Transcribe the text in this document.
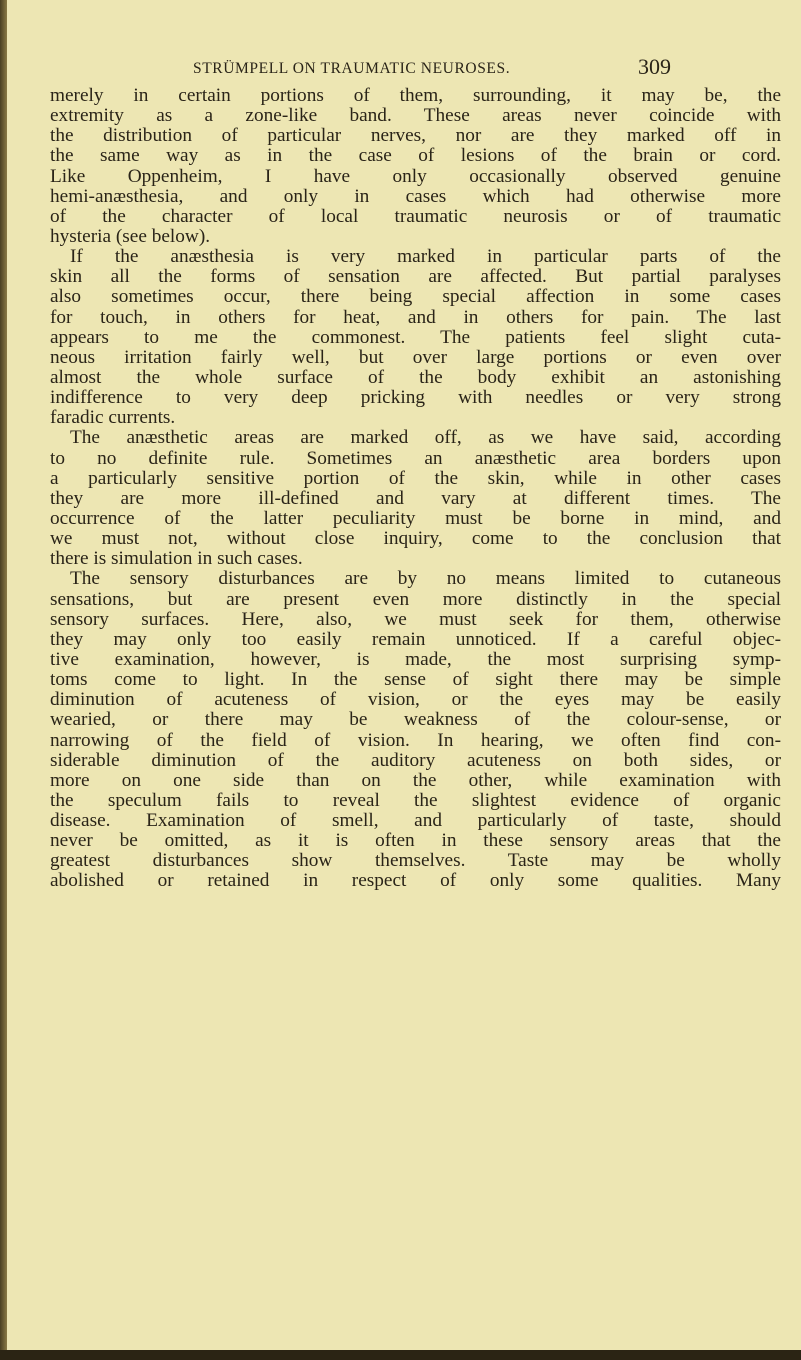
STRÜMPELL ON TRAUMATIC NEUROSES.	309
merely in certain portions of them, surrounding, it may be, the
extremity as a zone-like band. These areas never coincide with
the distribution of particular nerves, nor are they marked off in
the same way as in the case of lesions of the brain or cord.
Like Oppenheim, I have only occasionally observed genuine
hemi-anæsthesia, and only in cases which had otherwise more
of the character of local traumatic neurosis or of traumatic
hysteria (see below).
If the anæsthesia is very marked in particular parts of the
skin all the forms of sensation are affected. But partial paralyses
also sometimes occur, there being special affection in some cases
for touch, in others for heat, and in others for pain. The last
appears to me the commonest. The patients feel slight cuta-
neous irritation fairly well, but over large portions or even over
almost the whole surface of the body exhibit an astonishing
indifference to very deep pricking with needles or very strong
faradic currents.
The anæsthetic areas are marked off, as we have said, according
to no definite rule. Sometimes an anæsthetic area borders upon
a particularly sensitive portion of the skin, while in other cases
they are more ill-defined and vary at different times. The
occurrence of the latter peculiarity must be borne in mind, and
we must not, without close inquiry, come to the conclusion that
there is simulation in such cases.
The sensory disturbances are by no means limited to cutaneous
sensations, but are present even more distinctly in the special
sensory surfaces. Here, also, we must seek for them, otherwise
they may only too easily remain unnoticed. If a careful objec-
tive examination, however, is made, the most surprising symp-
toms come to light. In the sense of sight there may be simple
diminution of acuteness of vision, or the eyes may be easily
wearied, or there may be weakness of the colour-sense, or
narrowing of the field of vision. In hearing, we often find con-
siderable diminution of the auditory acuteness on both sides, or
more on one side than on the other, while examination with
the speculum fails to reveal the slightest evidence of organic
disease. Examination of smell, and particularly of taste, should
never be omitted, as it is often in these sensory areas that the
greatest disturbances show themselves. Taste may be wholly
abolished or retained in respect of only some qualities. Many
